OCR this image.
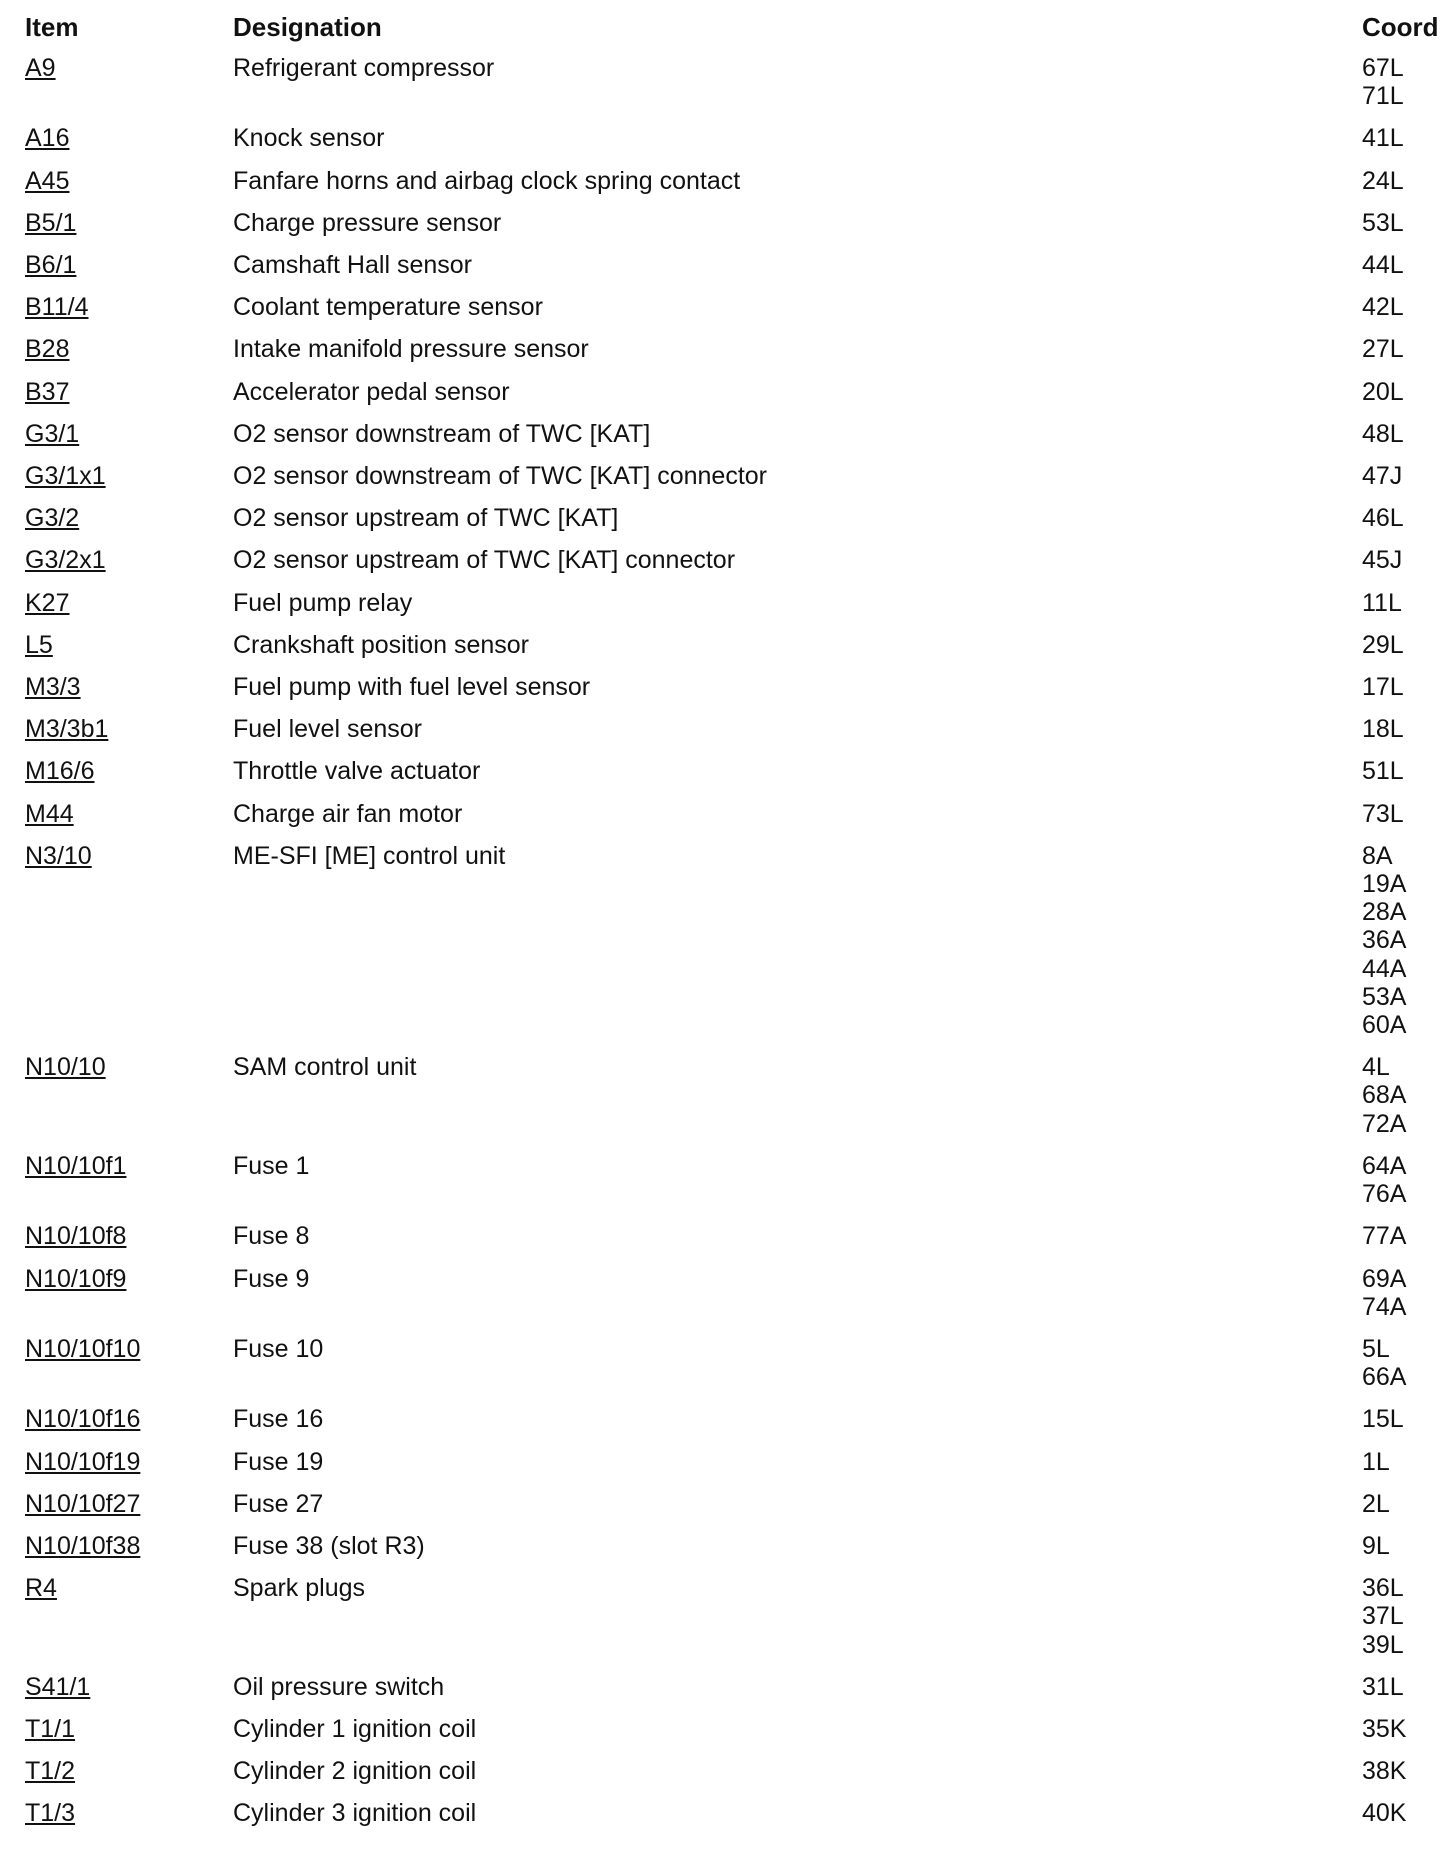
Item	Designation	Coord
A9	Refrigerant compressor	67L
71L
A16	Knock sensor	41L
A45	Fanfare horns and airbag clock spring contact	24L
B5/1	Charge pressure sensor	53L
B6/1	Camshaft Hall sensor	44L
B11/4	Coolant temperature sensor	42L
B28	Intake manifold pressure sensor	27L
B37	Accelerator pedal sensor	20L
G3/1	O2 sensor downstream of TWC [KAT]	48L
G3/1x1	O2 sensor downstream of TWC [KAT] connector	47J
G3/2	O2 sensor upstream of TWC [KAT]	46L
G3/2x1	O2 sensor upstream of TWC [KAT] connector	45J
K27	Fuel pump relay	11L
L5	Crankshaft position sensor	29L
M3/3	Fuel pump with fuel level sensor	17L
M3/3b1	Fuel level sensor	18L
M16/6	Throttle valve actuator	51L
M44	Charge air fan motor	73L
N3/10	ME-SFI [ME] control unit	8A
19A
28A
36A
44A
53A
60A
N10/10	SAM control unit	4L
68A
72A
N10/10f1	Fuse 1	64A
76A
N10/10f8	Fuse 8	77A
N10/10f9	Fuse 9	69A
74A
N10/10f10	Fuse 10	5L
66A
N10/10f16	Fuse 16	15L
N10/10f19	Fuse 19	1L
N10/10f27	Fuse 27	2L
N10/10f38	Fuse 38 (slot R3)	9L
R4	Spark plugs	36L
37L
39L
S41/1	Oil pressure switch	31L
T1/1	Cylinder 1 ignition coil	35K
T1/2	Cylinder 2 ignition coil	38K
T1/3	Cylinder 3 ignition coil	40K
